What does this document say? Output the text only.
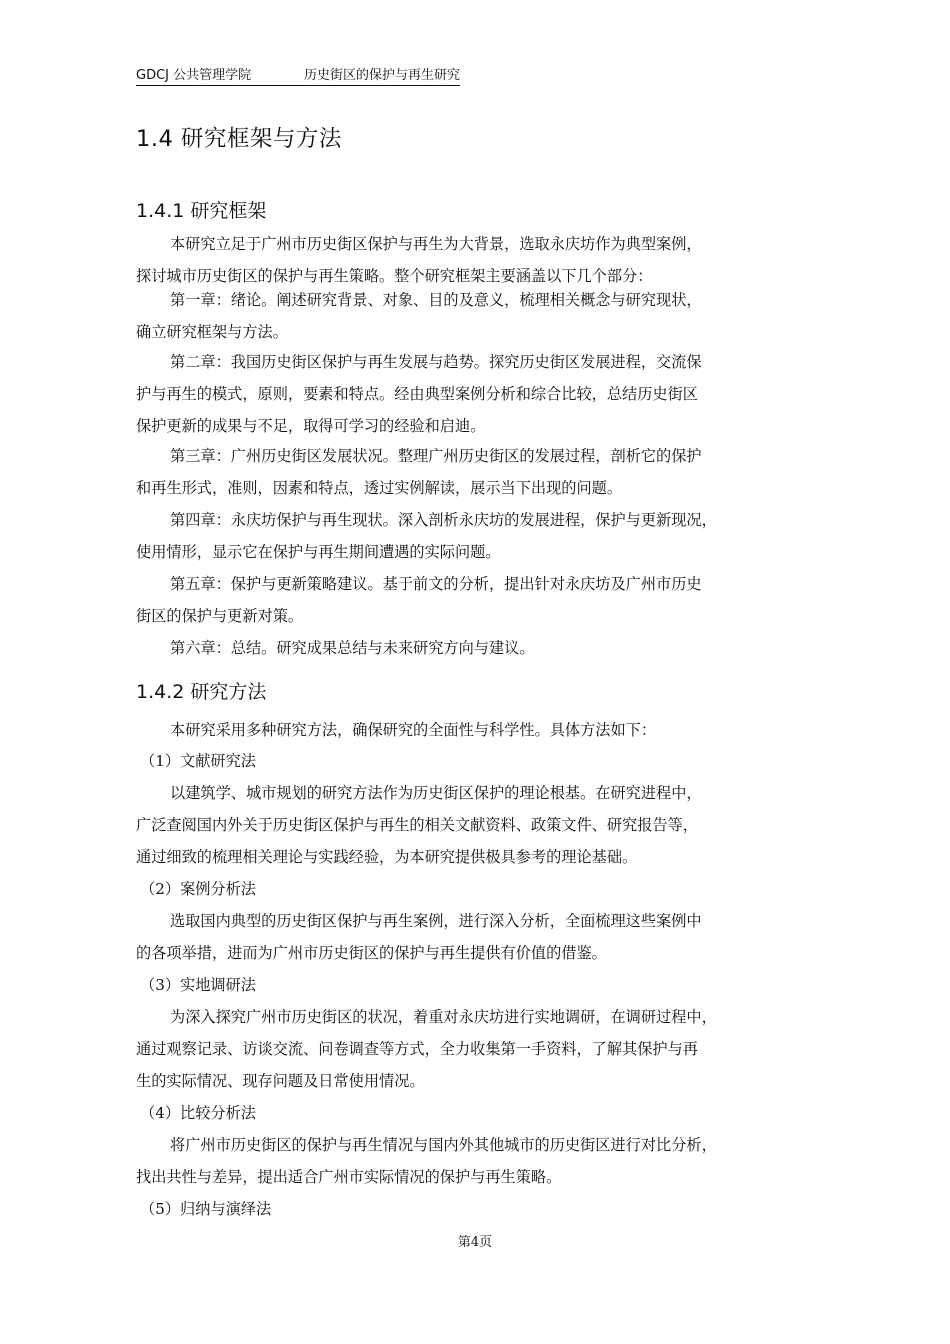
GDCJ 公共管理学院	历史街区的保护与再生研究
1.4 研究框架与方法
1.4.1 研究框架
本研究立足于广州市历史街区保护与再生为大背景，选取永庆坊作为典型案例，
探讨城市历史街区的保护与再生策略。整个研究框架主要涵盖以下几个部分：
第一章：绪论。阐述研究背景、对象、目的及意义，梳理相关概念与研究现状，
确立研究框架与方法。
第二章：我国历史街区保护与再生发展与趋势。探究历史街区发展进程，交流保
护与再生的模式，原则，要素和特点。经由典型案例分析和综合比较，总结历史街区
保护更新的成果与不足，取得可学习的经验和启迪。
第三章：广州历史街区发展状况。整理广州历史街区的发展过程，剖析它的保护
和再生形式，准则，因素和特点，透过实例解读，展示当下出现的问题。
第四章：永庆坊保护与再生现状。深入剖析永庆坊的发展进程，保护与更新现况，
使用情形，显示它在保护与再生期间遭遇的实际问题。
第五章：保护与更新策略建议。基于前文的分析，提出针对永庆坊及广州市历史
街区的保护与更新对策。
第六章：总结。研究成果总结与未来研究方向与建议。
1.4.2 研究方法
本研究采用多种研究方法，确保研究的全面性与科学性。具体方法如下：
（1）文献研究法
以建筑学、城市规划的研究方法作为历史街区保护的理论根基。在研究进程中，
广泛查阅国内外关于历史街区保护与再生的相关文献资料、政策文件、研究报告等，
通过细致的梳理相关理论与实践经验，为本研究提供极具参考的理论基础。
（2）案例分析法
选取国内典型的历史街区保护与再生案例，进行深入分析，全面梳理这些案例中
的各项举措，进而为广州市历史街区的保护与再生提供有价值的借鉴。
（3）实地调研法
为深入探究广州市历史街区的状况，着重对永庆坊进行实地调研，在调研过程中，
通过观察记录、访谈交流、问卷调查等方式，全力收集第一手资料，了解其保护与再
生的实际情况、现存问题及日常使用情况。
（4）比较分析法
将广州市历史街区的保护与再生情况与国内外其他城市的历史街区进行对比分析，
找出共性与差异，提出适合广州市实际情况的保护与再生策略。
（5）归纳与演绎法
第4页
